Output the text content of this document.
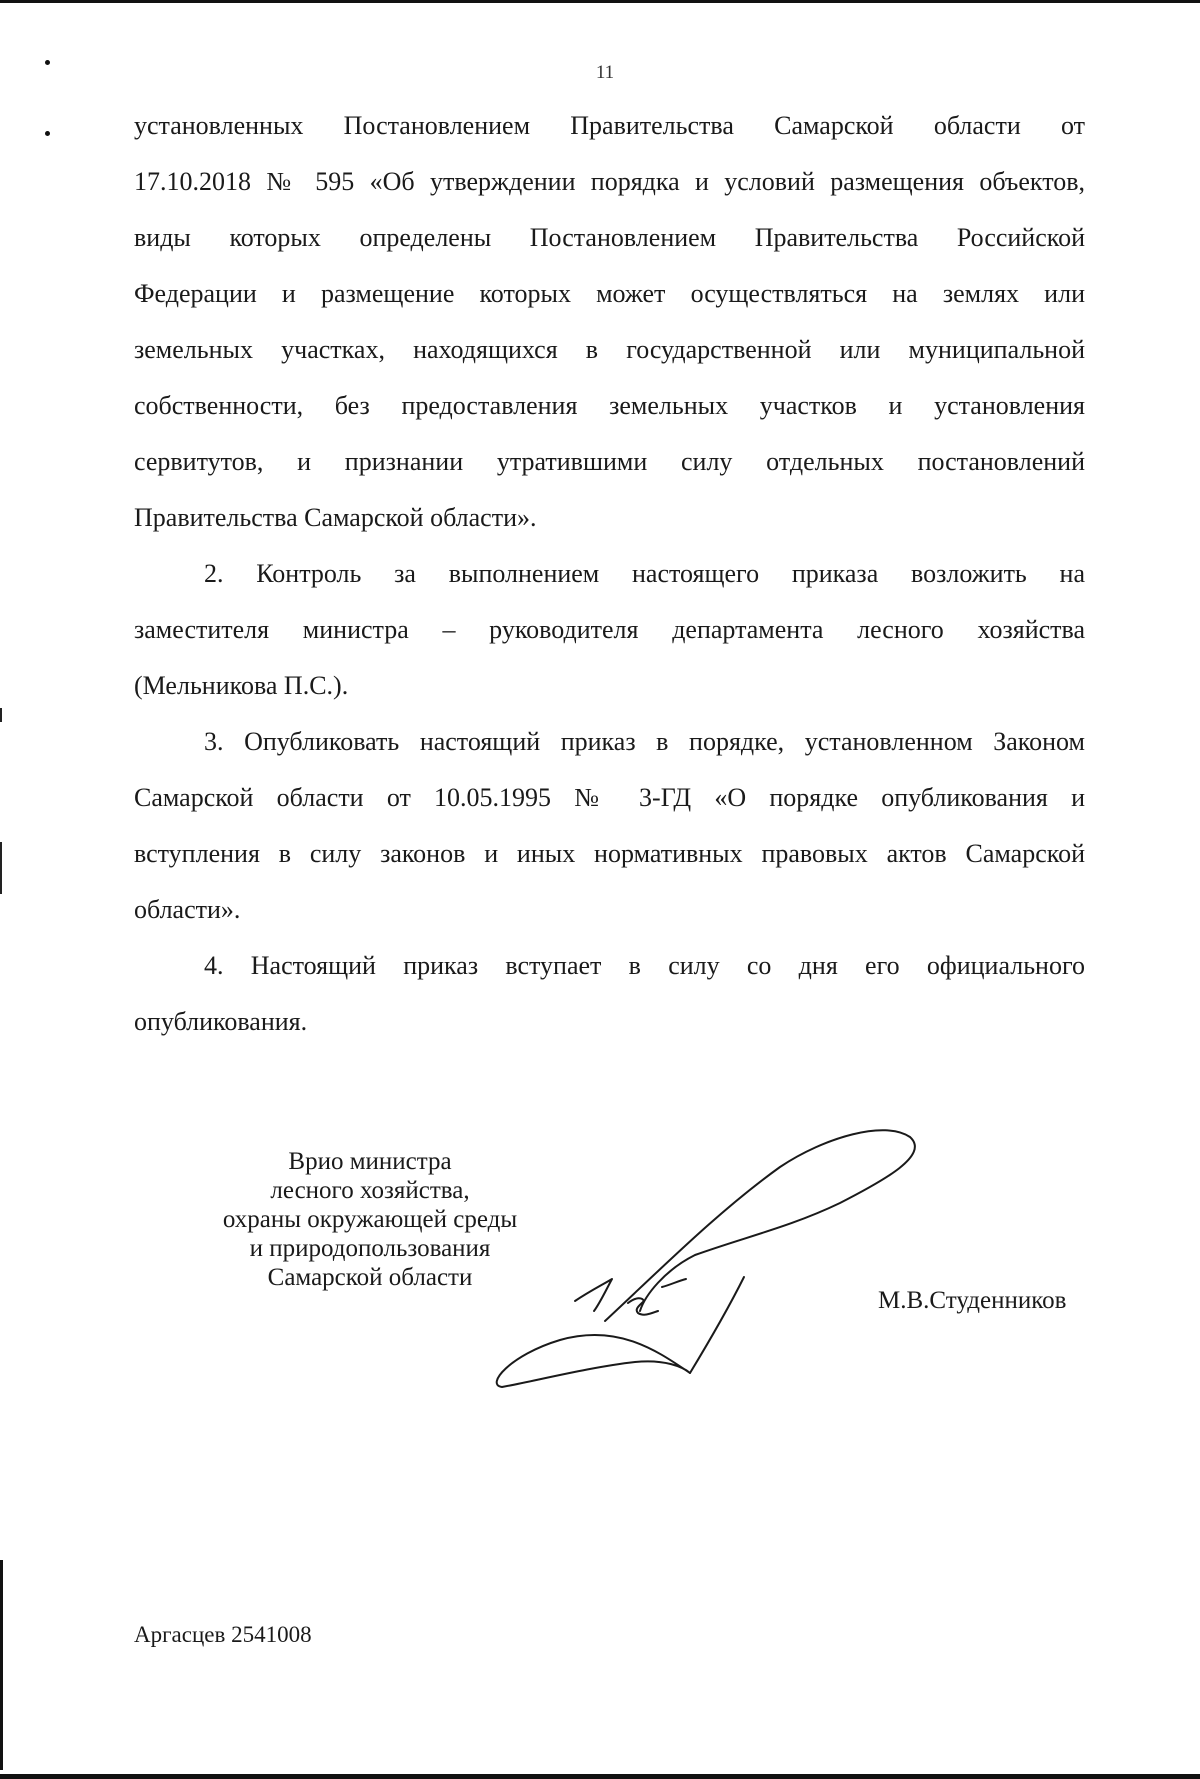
11
установленных Постановлением Правительства Самарской области от
17.10.2018 № 595 «Об утверждении порядка и условий размещения объектов,
виды которых определены Постановлением Правительства Российской
Федерации и размещение которых может осуществляться на землях или
земельных участках, находящихся в государственной или муниципальной
собственности, без предоставления земельных участков и установления
сервитутов, и признании утратившими силу отдельных постановлений
Правительства Самарской области».
2. Контроль за выполнением настоящего приказа возложить на
заместителя министра – руководителя департамента лесного хозяйства
(Мельникова П.С.).
3. Опубликовать настоящий приказ в порядке, установленном Законом
Самарской области от 10.05.1995 № 3-ГД «О порядке опубликования и
вступления в силу законов и иных нормативных правовых актов Самарской
области».
4. Настоящий приказ вступает в силу со дня его официального
опубликования.
Врио министра
лесного хозяйства,
охраны окружающей среды
и природопользования
Самарской области
М.В.Студенников
Аргасцев 2541008
